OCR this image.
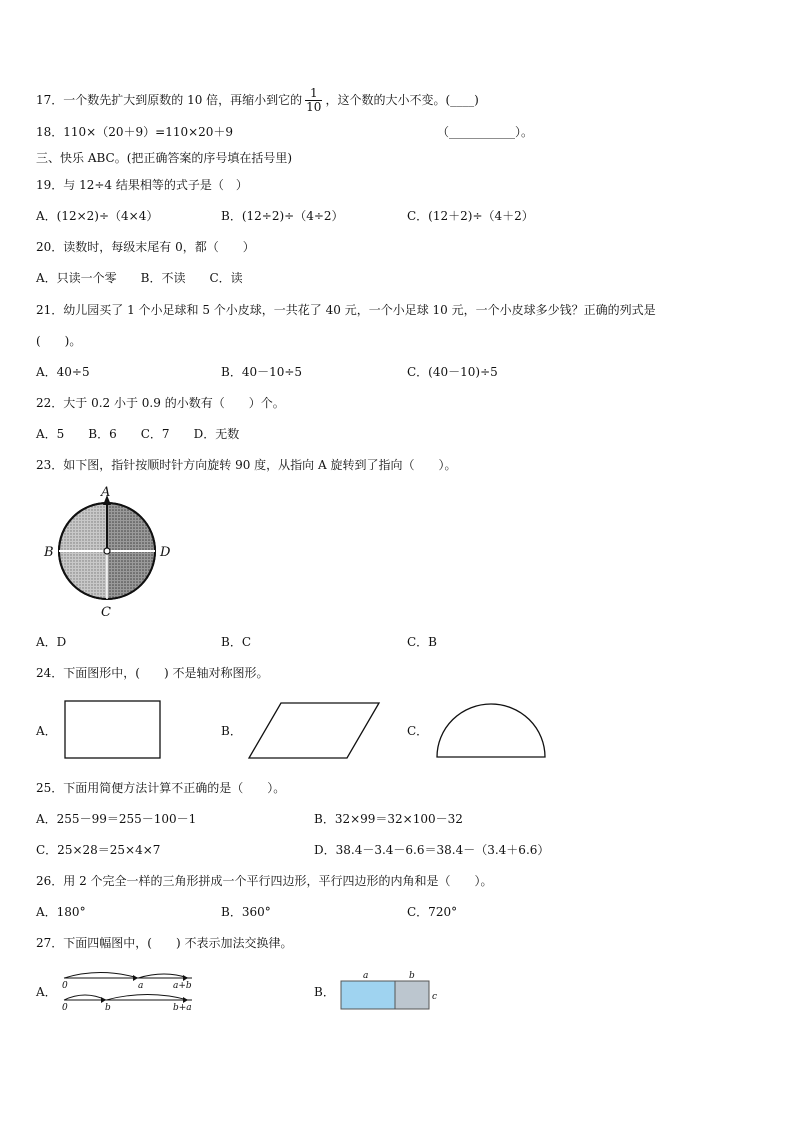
17．一个数先扩大到原数的 10 倍，再缩小到它的 $\frac{1}{10}$ ，这个数的大小不变。(____)
18．110×（20＋9）=110×20＋9	（___________）。
三、快乐 ABC。(把正确答案的序号填在括号里)
19．与 12÷4 结果相等的式子是（　）
A．(12×2)÷（4×4）	B．(12÷2)÷（4÷2）	C．(12＋2)÷（4＋2）
20．读数时，每级末尾有 0，都（　　）
A．只读一个零　　B．不读　　C．读
21．幼儿园买了 1 个小足球和 5 个小皮球，一共花了 40 元，一个小足球 10 元，一个小皮球多少钱？正确的列式是
(　　)。
A．40÷5	B．40－10÷5	C．(40－10)÷5
22．大于 0.2 小于 0.9 的小数有（　　）个。
A．5　　B．6　　C．7　　D．无数
23．如下图，指针按顺时针方向旋转 90 度，从指向 A 旋转到了指向（　　）。
A
B	D
C
A．D	B．C	C．B
24．下面图形中，(　　) 不是轴对称图形。
A．	B．	C．
25．下面用简便方法计算不正确的是（　　）。
A．255－99＝255－100－1	B．32×99＝32×100－32
C．25×28＝25×4×7	D．38.4－3.4－6.6＝38.4－（3.4＋6.6）
26．用 2 个完全一样的三角形拼成一个平行四边形，平行四边形的内角和是（　　）。
A．180°	B．360°	C．720°
27．下面四幅图中，(　　) 不表示加法交换律。
A． 0	a	a+b
0	b	b+a
B．
a	b
c
